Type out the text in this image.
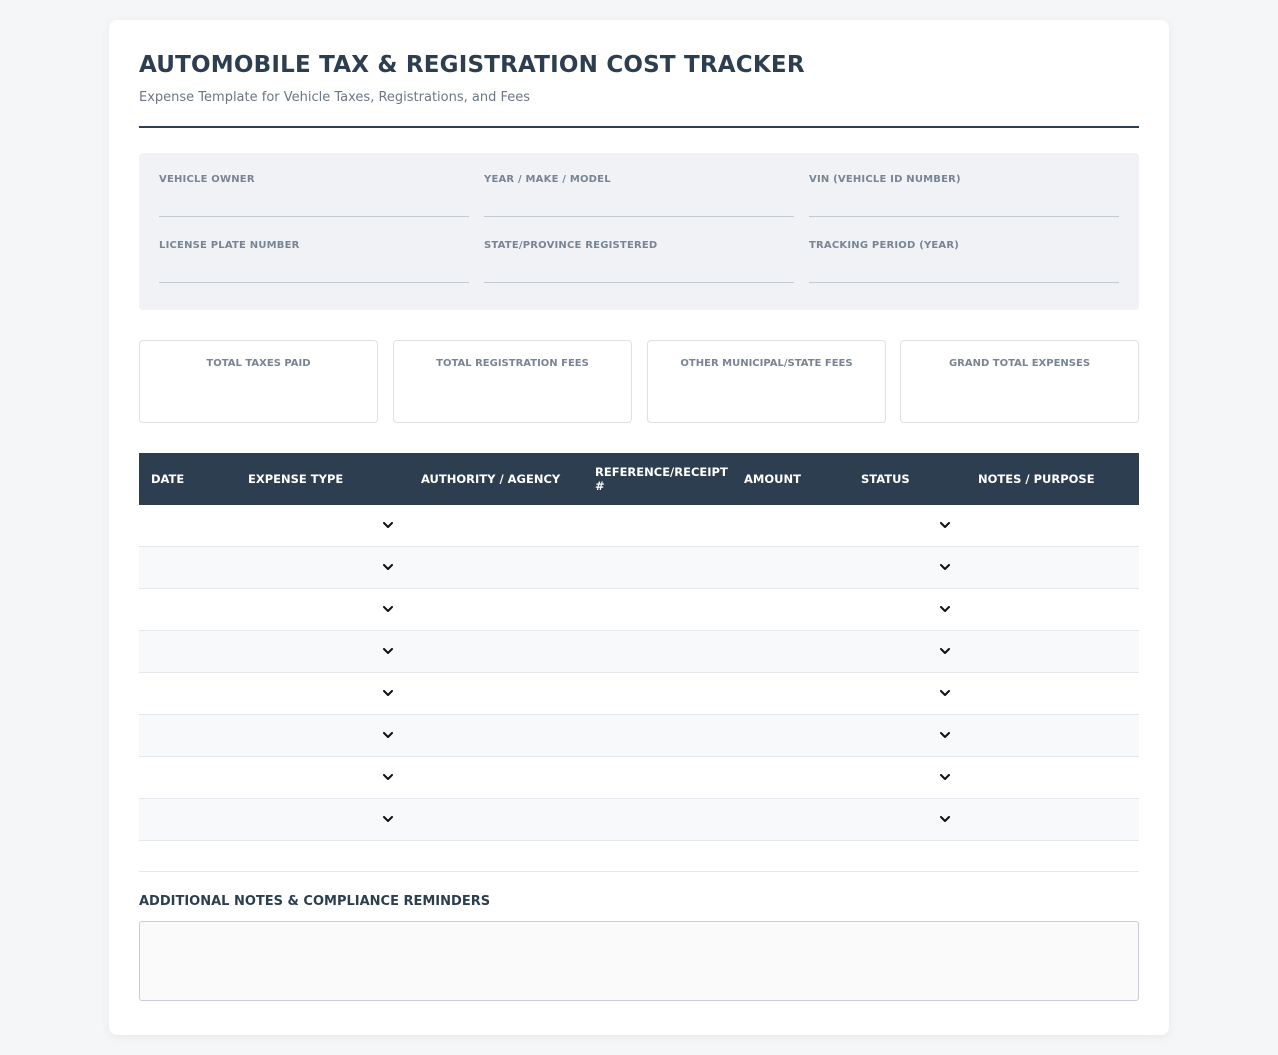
AUTOMOBILE TAX & REGISTRATION COST TRACKER
Expense Template for Vehicle Taxes, Registrations, and Fees
VEHICLE OWNER	YEAR / MAKE / MODEL	VIN (VEHICLE ID NUMBER)
LICENSE PLATE NUMBER	STATE/PROVINCE REGISTERED	TRACKING PERIOD (YEAR)
TOTAL TAXES PAID	TOTAL REGISTRATION FEES	OTHER MUNICIPAL/STATE FEES	GRAND TOTAL EXPENSES
DATE	EXPENSE TYPE	AUTHORITY / AGENCY	REFERENCE/RECEIPT #	AMOUNT	STATUS	NOTES / PURPOSE

ADDITIONAL NOTES & COMPLIANCE REMINDERS
